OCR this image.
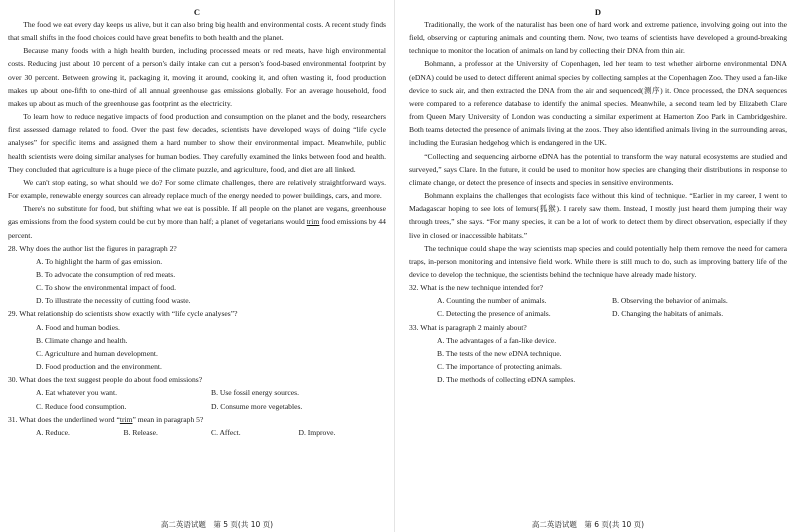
C

The food we eat every day keeps us alive, but it can also bring big health and environmental costs. A recent study finds that small shifts in the food choices could have great benefits to both health and the planet.

Because many foods with a high health burden, including processed meats or red meats, have high environmental costs. Reducing just about 10 percent of a person's daily intake can cut a person's food-based environmental footprint by over 30 percent. Between growing it, packaging it, moving it around, cooking it, and often wasting it, food production makes up about one-fifth to one-third of all annual greenhouse gas emissions globally. For an average household, food makes up about as much of the greenhouse gas footprint as the electricity.

To learn how to reduce negative impacts of food production and consumption on the planet and the body, researchers first assessed damage related to food. Over the past few decades, scientists have developed ways of doing “life cycle analyses” for specific items and assigned them a hard number to show their environmental impact. Meanwhile, public health scientists were doing similar analyses for human bodies. They carefully examined the links between food and health. They concluded that agriculture is a huge piece of the climate puzzle, and agriculture, food, and diet are all linked.

We can't stop eating, so what should we do? For some climate challenges, there are relatively straightforward ways. For example, renewable energy sources can already replace much of the energy needed to power buildings, cars, and more.

There's no substitute for food, but shifting what we eat is possible. If all people on the planet are vegans, greenhouse gas emissions from the food system could be cut by more than half; a planet of vegetarians would trim food emissions by 44 percent.

28. Why does the author list the figures in paragraph 2?

A. To highlight the harm of gas emission.

B. To advocate the consumption of red meats.

C. To show the environmental impact of food.

D. To illustrate the necessity of cutting food waste.

29. What relationship do scientists show exactly with “life cycle analyses”?

A. Food and human bodies.

B. Climate change and health.

C. Agriculture and human development.

D. Food production and the environment.

30. What does the text suggest people do about food emissions?

A. Eat whatever you want.	B. Use fossil energy sources.
C. Reduce food consumption.	D. Consume more vegetables.

31. What does the underlined word “trim” mean in paragraph 5?

A. Reduce.	B. Release.	C. Affect.	D. Improve.
高二英语试题　第 5 页(共 10 页)
D

Traditionally, the work of the naturalist has been one of hard work and extreme patience, involving going out into the field, observing or capturing animals and counting them. Now, two teams of scientists have developed a ground-breaking technique to monitor the location of animals on land by collecting their DNA from thin air.

Bohmann, a professor at the University of Copenhagen, led her team to test whether airborne environmental DNA (eDNA) could be used to detect different animal species by collecting samples at the Copenhagen Zoo. They used a fan-like device to suck air, and then extracted the DNA from the air and sequenced(测序) it. Once processed, the DNA sequences were compared to a reference database to identify the animal species. Meanwhile, a second team led by Elizabeth Clare from Queen Mary University of London was conducting a similar experiment at Hamerton Zoo Park in Cambridgeshire. Both teams detected the presence of animals living at the zoos. They also identified animals living in the surrounding areas, including the Eurasian hedgehog which is endangered in the UK.

“Collecting and sequencing airborne eDNA has the potential to transform the way natural ecosystems are studied and surveyed,” says Clare. In the future, it could be used to monitor how species are changing their distributions in response to climate change, or detect the presence of insects and species in sensitive environments.

Bohmann explains the challenges that ecologists face without this kind of technique. “Earlier in my career, I went to Madagascar hoping to see lots of lemurs(狐猴). I rarely saw them. Instead, I mostly just heard them jumping their way through trees,” she says. “For many species, it can be a lot of work to detect them by direct observation, especially if they live in closed or inaccessible habitats.”

The technique could shape the way scientists map species and could potentially help them remove the need for camera traps, in-person monitoring and intensive field work. While there is still much to do, such as improving battery life of the device to develop the technique, the scientists behind the technique have already made history.

32. What is the new technique intended for?

A. Counting the number of animals.	B. Observing the behavior of animals.
C. Detecting the presence of animals.	D. Changing the habitats of animals.

33. What is paragraph 2 mainly about?

A. The advantages of a fan-like device.

B. The tests of the new eDNA technique.

C. The importance of protecting animals.

D. The methods of collecting eDNA samples.

高二英语试题　第 6 页(共 10 页)
